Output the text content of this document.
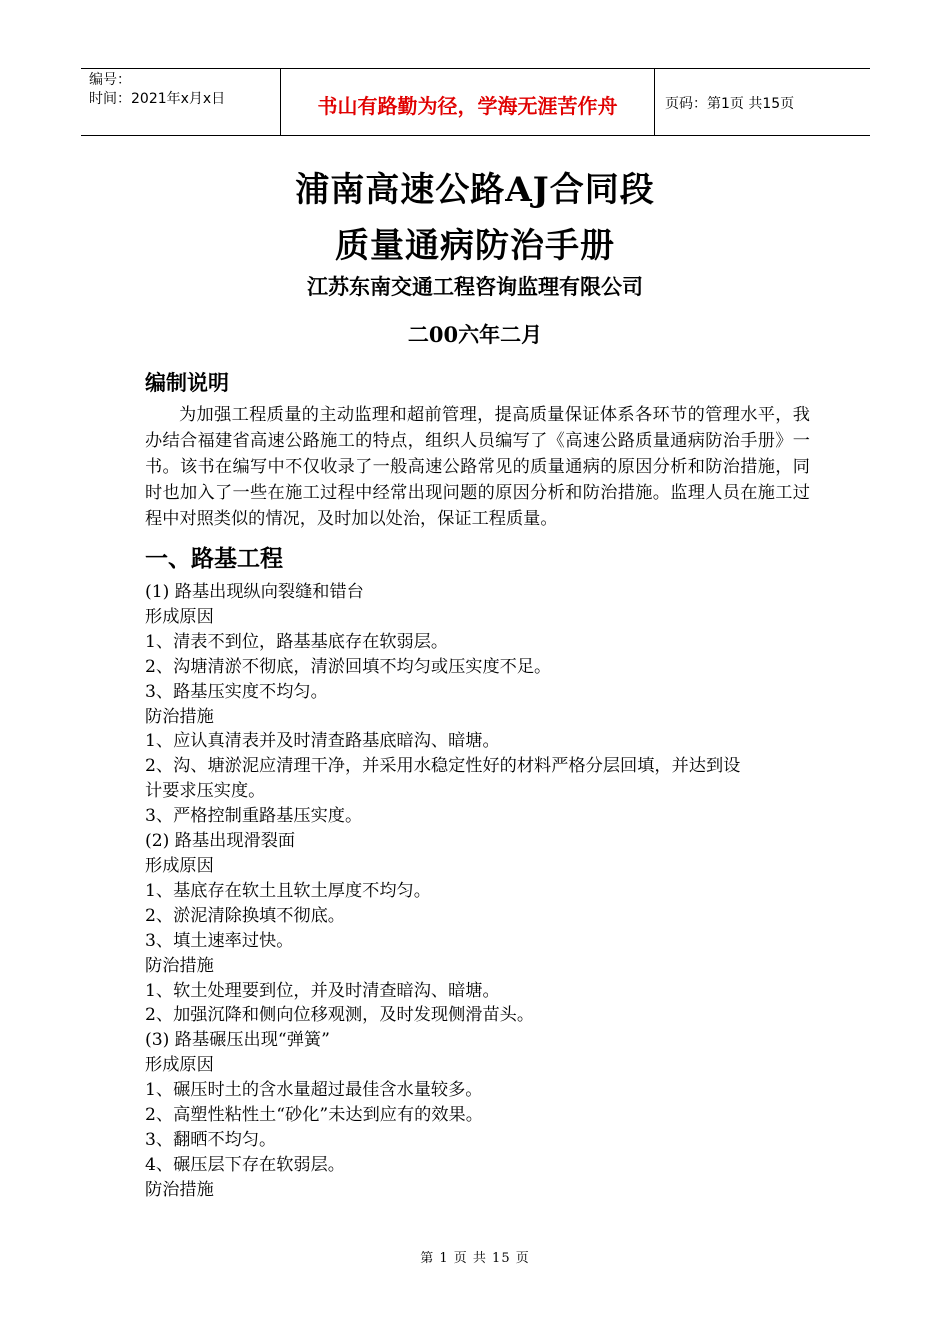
编号：
时间：2021年x月x日	书山有路勤为径，学海无涯苦作舟	页码：第1页 共15页
浦南高速公路AJ合同段
质量通病防治手册
江苏东南交通工程咨询监理有限公司
二00六年二月
编制说明

为加强工程质量的主动监理和超前管理，提高质量保证体系各环节的管理水平，我办结合福建省高速公路施工的特点，组织人员编写了《高速公路质量通病防治手册》一书。该书在编写中不仅收录了一般高速公路常见的质量通病的原因分析和防治措施，同时也加入了一些在施工过程中经常出现问题的原因分析和防治措施。监理人员在施工过程中对照类似的情况，及时加以处治，保证工程质量。

一、路基工程

(1) 路基出现纵向裂缝和错台

形成原因

1、清表不到位，路基基底存在软弱层。

2、沟塘清淤不彻底，清淤回填不均匀或压实度不足。

3、路基压实度不均匀。

防治措施

1、应认真清表并及时清查路基底暗沟、暗塘。

2、沟、塘淤泥应清理干净，并采用水稳定性好的材料严格分层回填，并达到设

计要求压实度。

3、严格控制重路基压实度。

(2) 路基出现滑裂面

形成原因

1、基底存在软土且软土厚度不均匀。

2、淤泥清除换填不彻底。

3、填土速率过快。

防治措施

1、软土处理要到位，并及时清查暗沟、暗塘。

2、加强沉降和侧向位移观测，及时发现侧滑苗头。

(3) 路基碾压出现“弹簧”

形成原因

1、碾压时土的含水量超过最佳含水量较多。

2、高塑性粘性土“砂化”未达到应有的效果。

3、翻晒不均匀。

4、碾压层下存在软弱层。

防治措施

第 1 页 共 15 页
